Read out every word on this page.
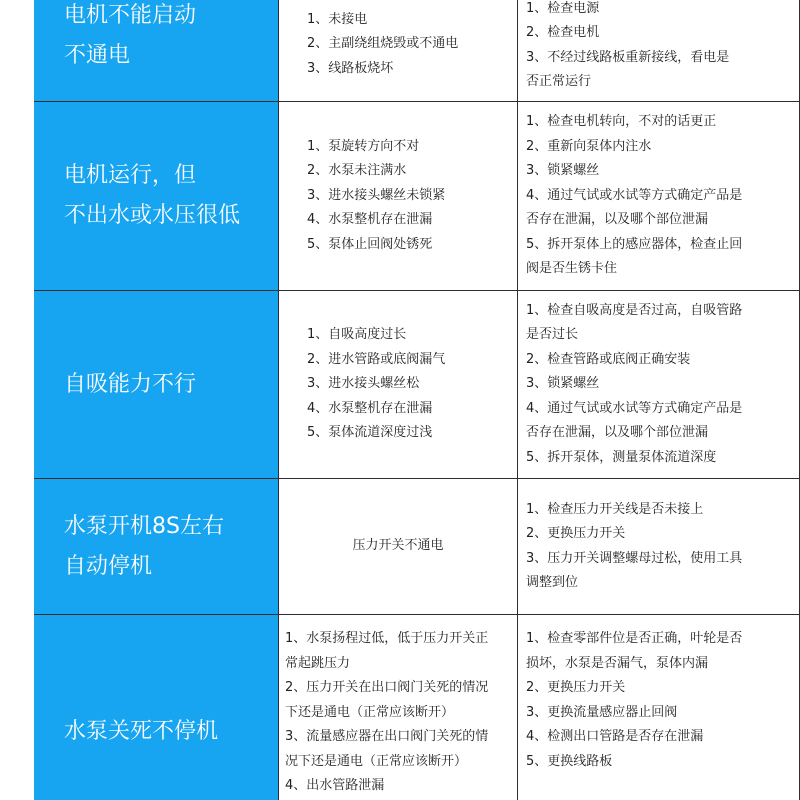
电机不能启动
不通电
1、未接电
2、主副绕组烧毁或不通电
3、线路板烧坏
1、检查电源
2、检查电机
3、不经过线路板重新接线，看电是
否正常运行
电机运行，但
不出水或水压很低
1、泵旋转方向不对
2、水泵未注满水
3、进水接头螺丝未锁紧
4、水泵整机存在泄漏
5、泵体止回阀处锈死
1、检查电机转向，不对的话更正
2、重新向泵体内注水
3、锁紧螺丝
4、通过气试或水试等方式确定产品是
否存在泄漏，以及哪个部位泄漏
5、拆开泵体上的感应器体，检查止回
阀是否生锈卡住
自吸能力不行
1、自吸高度过长
2、进水管路或底阀漏气
3、进水接头螺丝松
4、水泵整机存在泄漏
5、泵体流道深度过浅
1、检查自吸高度是否过高，自吸管路
是否过长
2、检查管路或底阀正确安装
3、锁紧螺丝
4、通过气试或水试等方式确定产品是
否存在泄漏，以及哪个部位泄漏
5、拆开泵体，测量泵体流道深度
水泵开机8S左右
自动停机
压力开关不通电
1、检查压力开关线是否未接上
2、更换压力开关
3、压力开关调整螺母过松，使用工具
调整到位
水泵关死不停机
1、水泵扬程过低，低于压力开关正
常起跳压力
2、压力开关在出口阀门关死的情况
下还是通电（正常应该断开）
3、流量感应器在出口阀门关死的情
况下还是通电（正常应该断开）
4、出水管路泄漏
1、检查零部件位是否正确，叶轮是否
损坏，水泵是否漏气，泵体内漏
2、更换压力开关
3、更换流量感应器止回阀
4、检测出口管路是否存在泄漏
5、更换线路板
